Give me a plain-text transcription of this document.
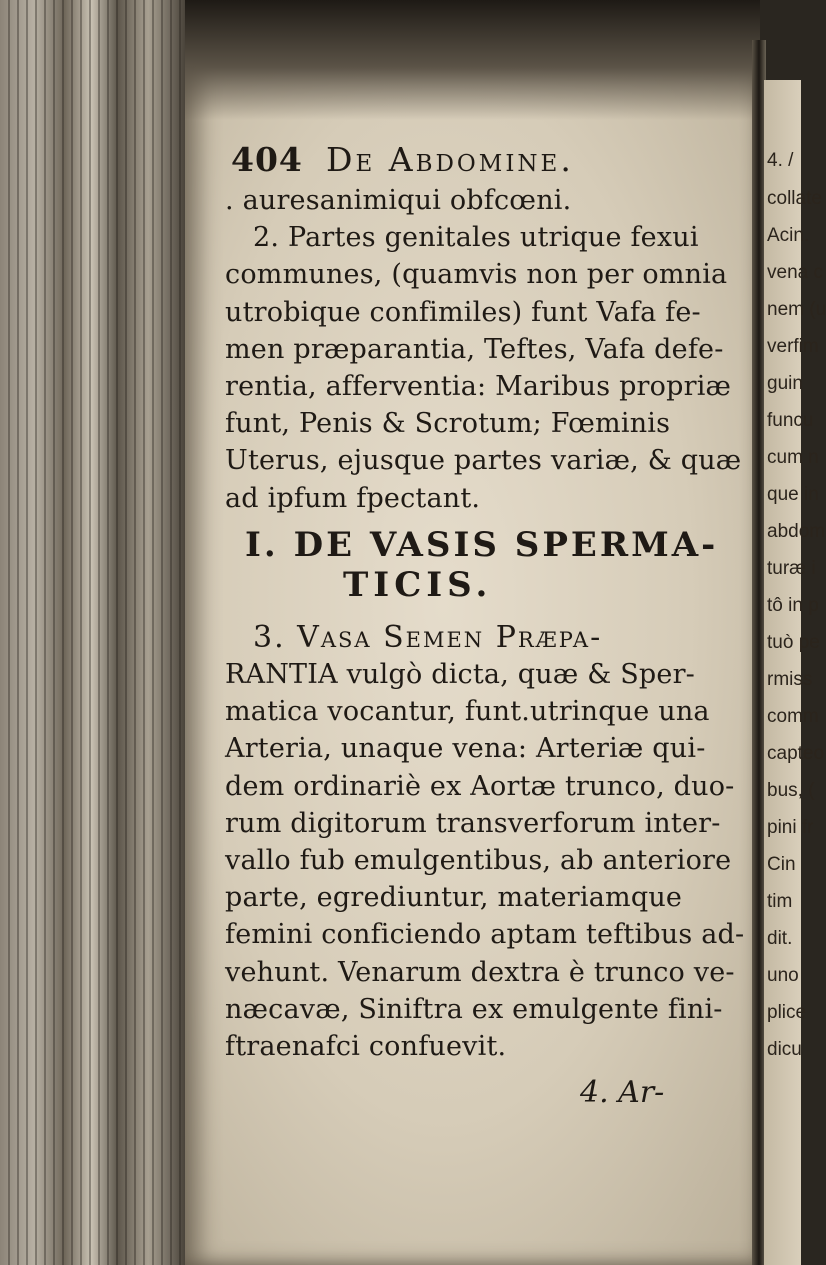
4. /
collate
Acin.
vena c
nem (u
verfim
guin
funcu
cum n
que in
abdom
turæ i
tô in p
tuò pe
rmiss
comm
capteo
bus, (
pini fr
Cin
tim
dit.
uno
plice
dicu
404 De Abdomine.
. auresanimiqui obfcœni.
2. Partes genitales utrique fexui
communes, (quamvis non per omnia
utrobique confimiles) funt Vafa fe-
men præparantia, Teftes, Vafa defe-
rentia, afferventia: Maribus propriæ
funt, Penis & Scrotum; Fœminis
Uterus, ejusque partes variæ, & quæ
ad ipfum fpectant.
I. DE VASIS SPERMA-
TICIS.
3. Vasa Semen Præpa-
RANTIA vulgò dicta, quæ & Sper-
matica vocantur, funt.utrinque una
Arteria, unaque vena: Arteriæ qui-
dem ordinariè ex Aortæ trunco, duo-
rum digitorum transverforum inter-
vallo fub emulgentibus, ab anteriore
parte, egrediuntur, materiamque
femini conficiendo aptam teftibus ad-
vehunt. Venarum dextra è trunco ve-
næcavæ, Siniftra ex emulgente fini-
ftraenafci confuevit.
4. Ar-
